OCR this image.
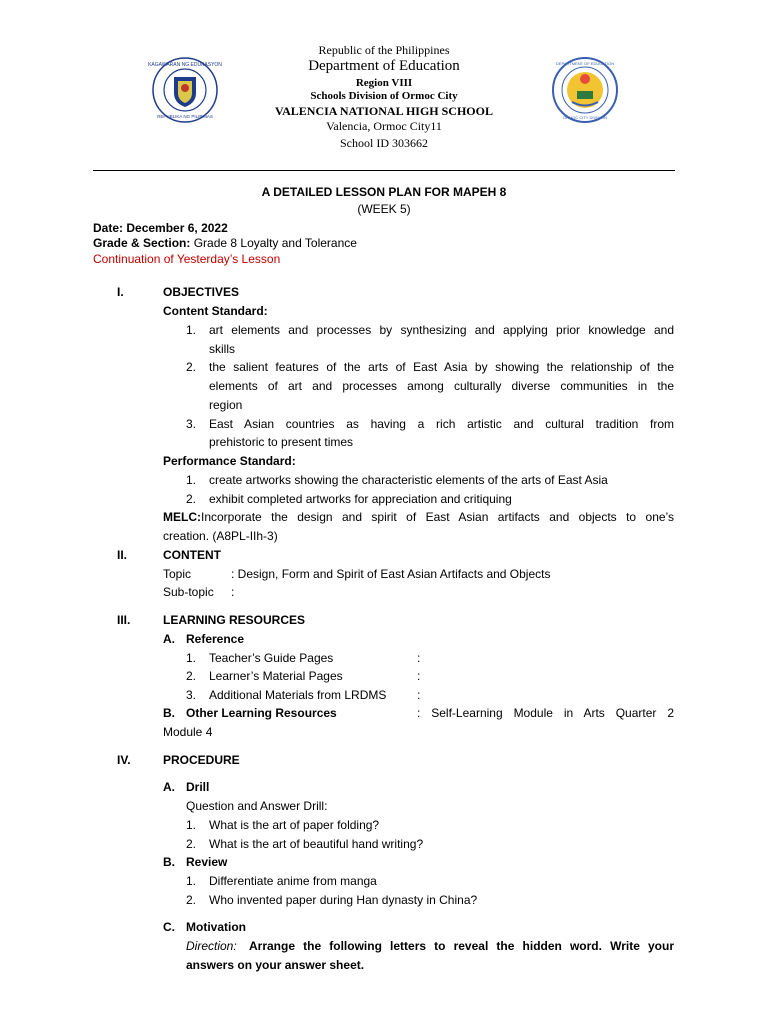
KAGAWARAN NG EDUKASYON
REPUBLIKA NG PILIPINAS
DEPARTMENT OF EDUCATION
ORMOC CITY DIVISION
Republic of the Philippines
Department of Education
Region VIII
Schools Division of Ormoc City
VALENCIA NATIONAL HIGH SCHOOL
Valencia, Ormoc City11
School ID 303662
A DETAILED LESSON PLAN FOR MAPEH 8
(WEEK 5)
Date: December 6, 2022
Grade & Section: Grade 8 Loyalty and Tolerance
Continuation of Yesterday’s Lesson
I.	OBJECTIVES
Content Standard:
1. art elements and processes by synthesizing and applying prior knowledge and
skills
2. the salient features of the arts of East Asia by showing the relationship of the
elements of art and processes among culturally diverse communities in the
region
3. East Asian countries as having a rich artistic and cultural tradition from
prehistoric to present times
Performance Standard:
1. create artworks showing the characteristic elements of the arts of East Asia
2. exhibit completed artworks for appreciation and critiquing
MELC: Incorporate the design and spirit of East Asian artifacts and objects to one’s
creation. (A8PL-IIh-3)
II.	CONTENT
Topic	: Design, Form and Spirit of East Asian Artifacts and Objects
Sub-topic :
III.	LEARNING RESOURCES
A. Reference
1. Teacher’s Guide Pages	:
2. Learner’s Material Pages	:
3. Additional Materials from LRDMS	:
B. Other Learning Resources	: Self-Learning Module in Arts Quarter 2
Module 4
IV.	PROCEDURE
A. Drill
Question and Answer Drill:
1. What is the art of paper folding?
2. What is the art of beautiful hand writing?
B. Review
1. Differentiate anime from manga
2. Who invented paper during Han dynasty in China?
C. Motivation
Direction: Arrange the following letters to reveal the hidden word. Write your
answers on your answer sheet.
